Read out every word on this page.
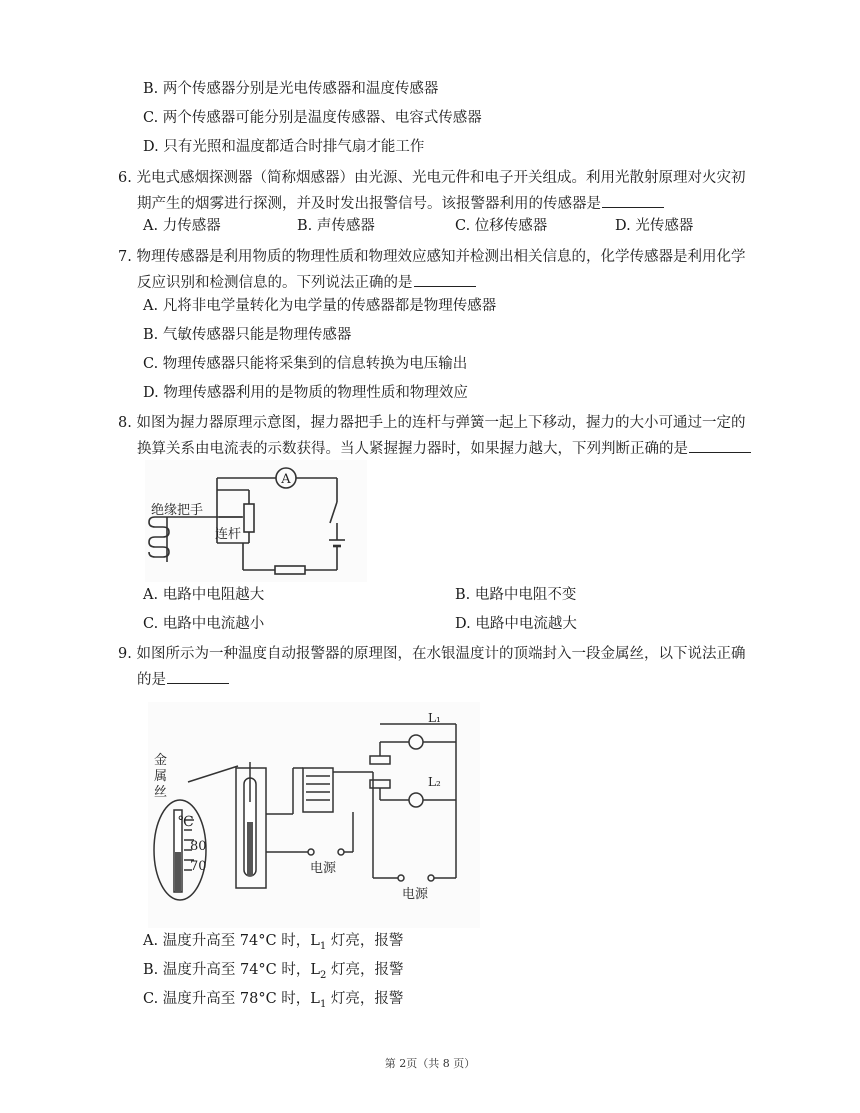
B. 两个传感器分别是光电传感器和温度传感器
C. 两个传感器可能分别是温度传感器、电容式传感器
D. 只有光照和温度都适合时排气扇才能工作
6. 光电式感烟探测器（简称烟感器）由光源、光电元件和电子开关组成。利用光散射原理对火灾初
期产生的烟雾进行探测，并及时发出报警信号。该报警器利用的传感器是
A. 力传感器	B. 声传感器	C. 位移传感器	D. 光传感器
7. 物理传感器是利用物质的物理性质和物理效应感知并检测出相关信息的，化学传感器是利用化学
反应识别和检测信息的。下列说法正确的是
A. 凡将非电学量转化为电学量的传感器都是物理传感器
B. 气敏传感器只能是物理传感器
C. 物理传感器只能将采集到的信息转换为电压输出
D. 物理传感器利用的是物质的物理性质和物理效应
8. 如图为握力器原理示意图，握力器把手上的连杆与弹簧一起上下移动，握力的大小可通过一定的
换算关系由电流表的示数获得。当人紧握握力器时，如果握力越大，下列判断正确的是
A
绝缘把手
连杆
A. 电路中电阻越大	B. 电路中电阻不变
C. 电路中电流越小	D. 电路中电流越大
9. 如图所示为一种温度自动报警器的原理图，在水银温度计的顶端封入一段金属丝，以下说法正确
的是
金
属
丝
℃
80
70
L₁
L₂
电源
电源
A. 温度升高至 74°C 时，$L_1$ 灯亮，报警
B. 温度升高至 74°C 时，$L_2$ 灯亮，报警
C. 温度升高至 78°C 时，$L_1$ 灯亮，报警
第 2页（共 8 页）
